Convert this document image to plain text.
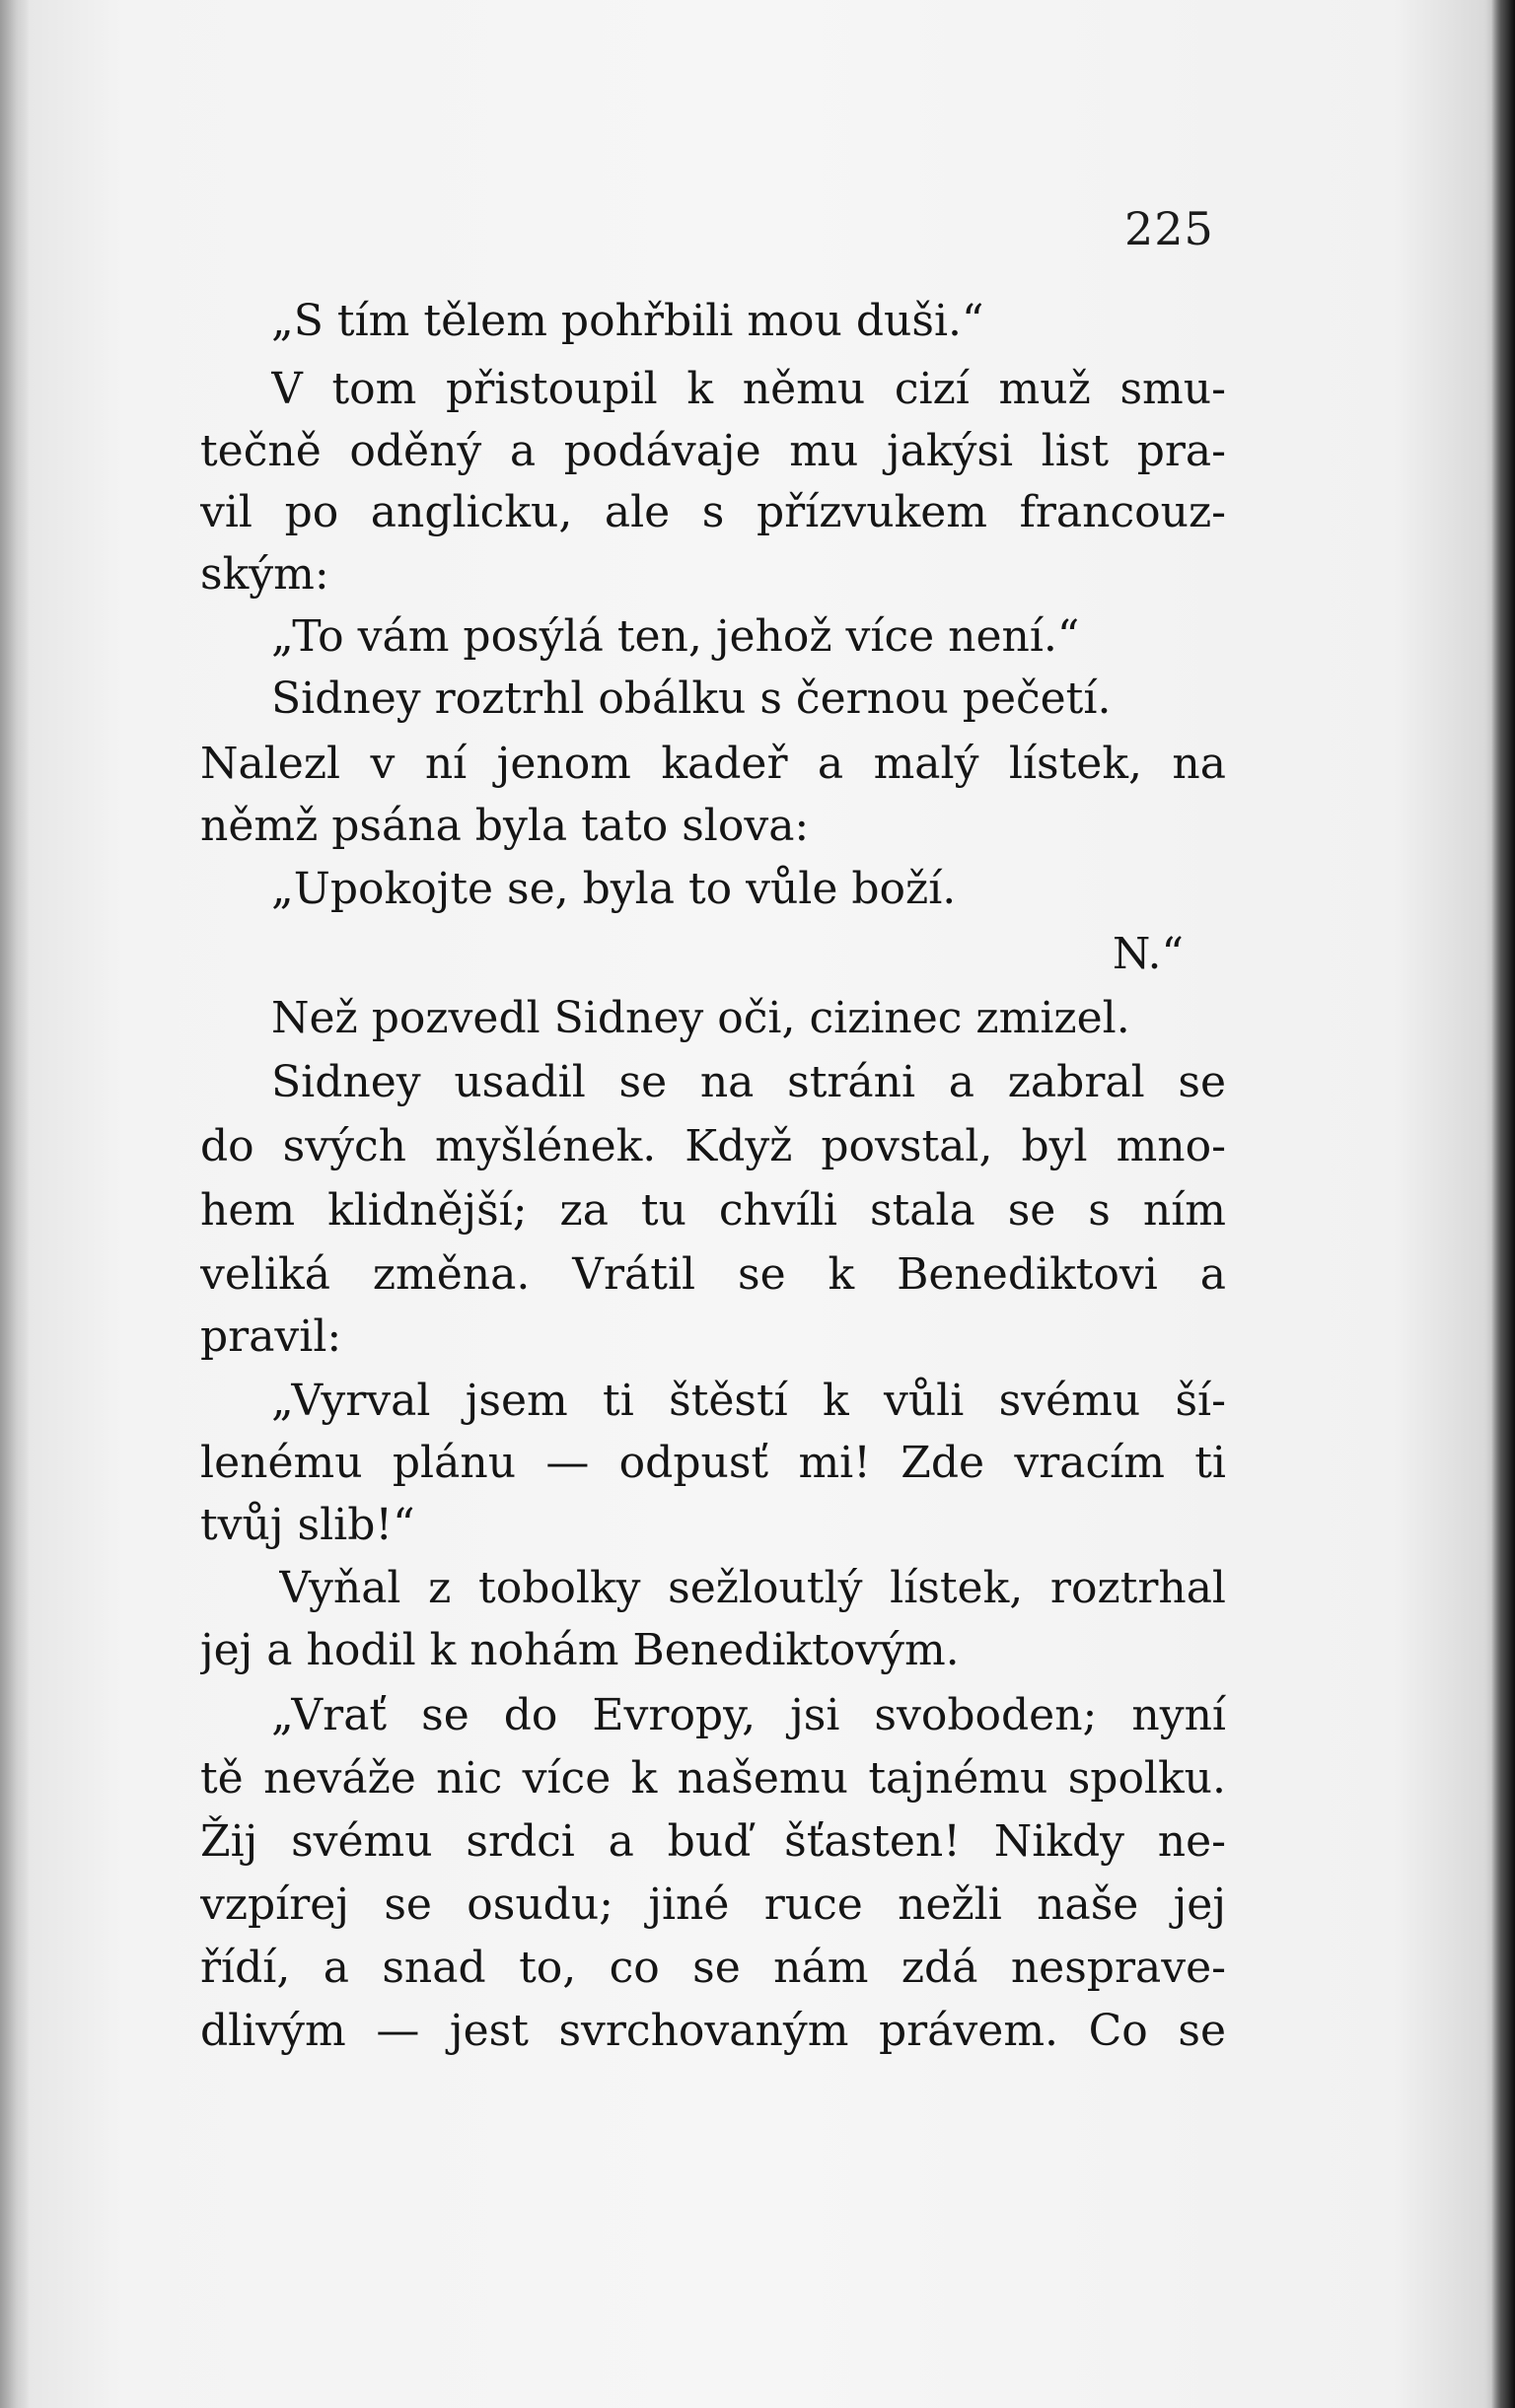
225

„S tím tělem pohřbili mou duši.“

V tom přistoupil k němu cizí muž smu-

tečně oděný a podávaje mu jakýsi list pra-

vil po anglicku, ale s přízvukem francouz-

ským:

„To vám posýlá ten, jehož více není.“

Sidney roztrhl obálku s černou pečetí.

Nalezl v ní jenom kadeř a malý lístek, na

němž psána byla tato slova:

„Upokojte se, byla to vůle boží.

N.“

Než pozvedl Sidney oči, cizinec zmizel.

Sidney usadil se na stráni a zabral se

do svých myšlének. Když povstal, byl mno-

hem klidnější; za tu chvíli stala se s ním

veliká změna. Vrátil se k Benediktovi a

pravil:

„Vyrval jsem ti štěstí k vůli svému ší-

lenému plánu — odpusť mi! Zde vracím ti

tvůj slib!“

Vyňal z tobolky sežloutlý lístek, roztrhal

jej a hodil k nohám Benediktovým.

„Vrať se do Evropy, jsi svoboden; nyní

tě neváže nic více k našemu tajnému spolku.

Žij svému srdci a buď šťasten! Nikdy ne-

vzpírej se osudu; jiné ruce nežli naše jej

řídí, a snad to, co se nám zdá nesprave-

dlivým — jest svrchovaným právem. Co se
